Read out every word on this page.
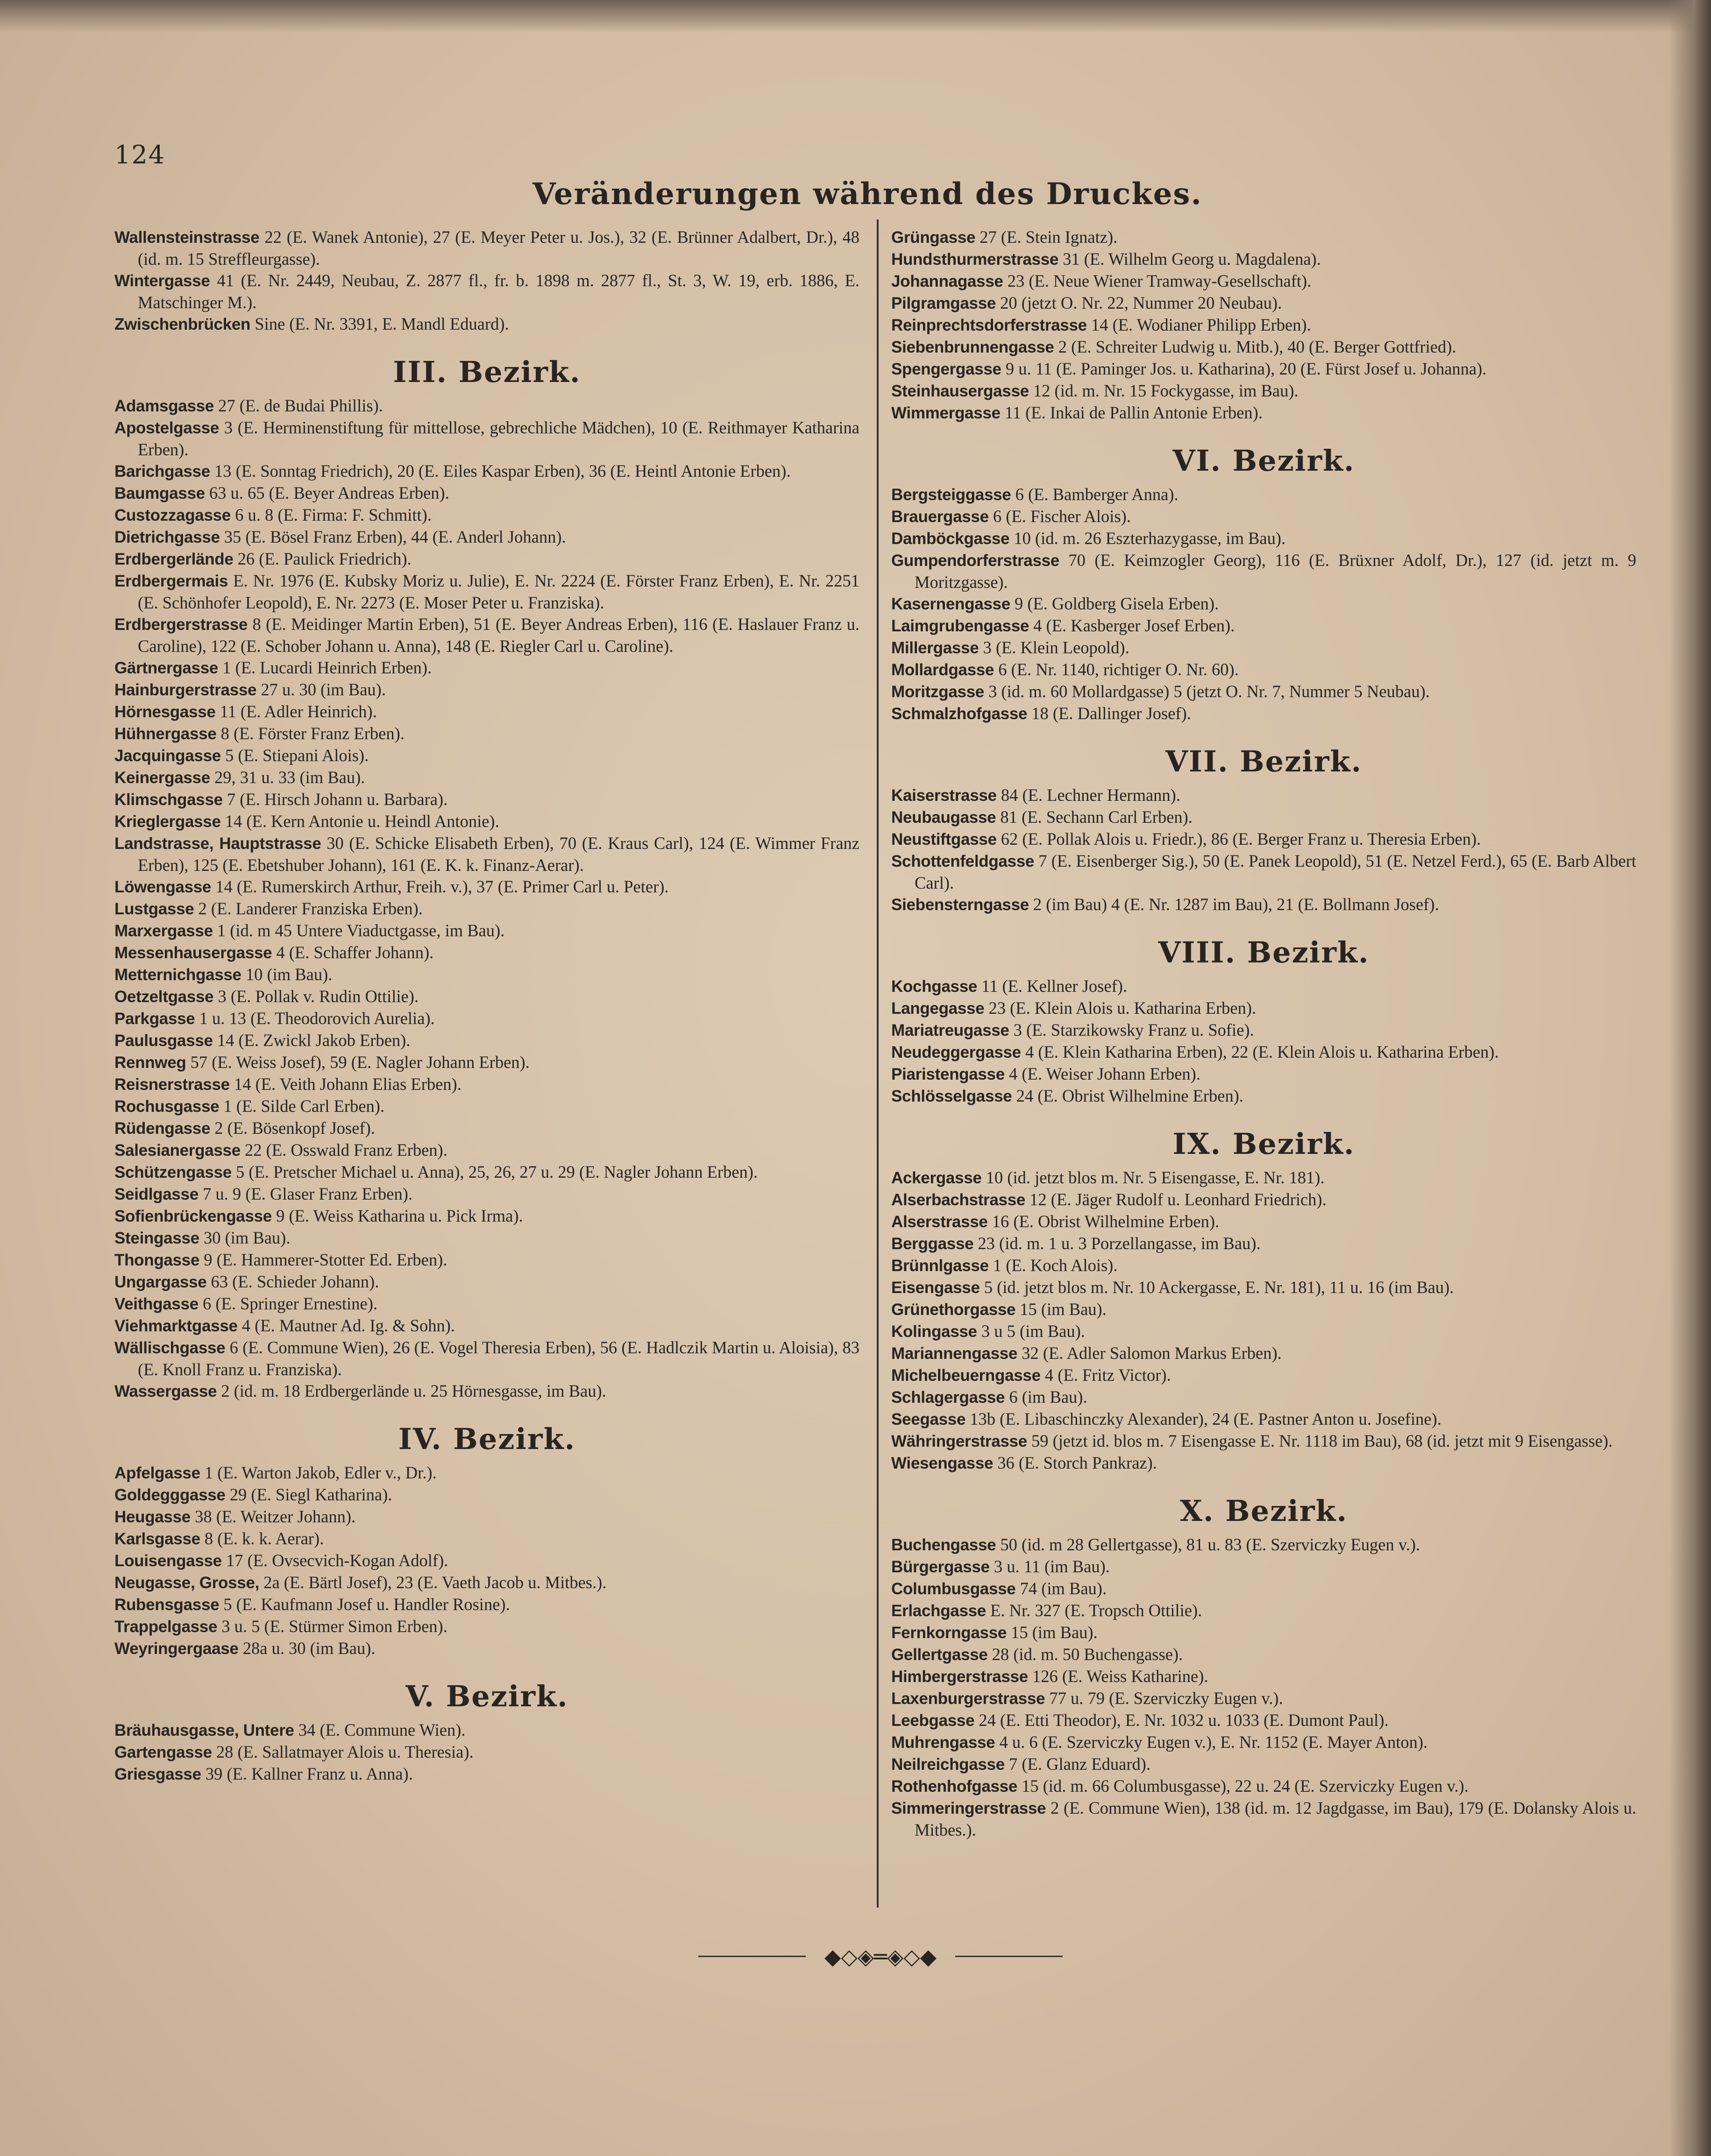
124
Veränderungen während des Druckes.
Wallensteinstrasse 22 (E. Wanek Antonie), 27 (E. Meyer Peter u. Jos.), 32 (E. Brünner Adalbert, Dr.), 48 (id. m. 15 Streffleurgasse).
Wintergasse 41 (E. Nr. 2449, Neubau, Z. 2877 fl., fr. b. 1898 m. 2877 fl., St. 3, W. 19, erb. 1886, E. Matschinger M.).
Zwischenbrücken Sine (E. Nr. 3391, E. Mandl Eduard).
III. Bezirk.
Adamsgasse 27 (E. de Budai Phillis).
Apostelgasse 3 (E. Herminenstiftung für mittellose, gebrechliche Mädchen), 10 (E. Reithmayer Katharina Erben).
Barichgasse 13 (E. Sonntag Friedrich), 20 (E. Eiles Kaspar Erben), 36 (E. Heintl Antonie Erben).
Baumgasse 63 u. 65 (E. Beyer Andreas Erben).
Custozzagasse 6 u. 8 (E. Firma: F. Schmitt).
Dietrichgasse 35 (E. Bösel Franz Erben), 44 (E. Anderl Johann).
Erdbergerlände 26 (E. Paulick Friedrich).
Erdbergermais E. Nr. 1976 (E. Kubsky Moriz u. Julie), E. Nr. 2224 (E. Förster Franz Erben), E. Nr. 2251 (E. Schönhofer Leopold), E. Nr. 2273 (E. Moser Peter u. Franziska).
Erdbergerstrasse 8 (E. Meidinger Martin Erben), 51 (E. Beyer Andreas Erben), 116 (E. Haslauer Franz u. Caroline), 122 (E. Schober Johann u. Anna), 148 (E. Riegler Carl u. Caroline).
Gärtnergasse 1 (E. Lucardi Heinrich Erben).
Hainburgerstrasse 27 u. 30 (im Bau).
Hörnesgasse 11 (E. Adler Heinrich).
Hühnergasse 8 (E. Förster Franz Erben).
Jacquingasse 5 (E. Stiepani Alois).
Keinergasse 29, 31 u. 33 (im Bau).
Klimschgasse 7 (E. Hirsch Johann u. Barbara).
Krieglergasse 14 (E. Kern Antonie u. Heindl Antonie).
Landstrasse, Hauptstrasse 30 (E. Schicke Elisabeth Erben), 70 (E. Kraus Carl), 124 (E. Wimmer Franz Erben), 125 (E. Ebetshuber Johann), 161 (E. K. k. Finanz-Aerar).
Löwengasse 14 (E. Rumerskirch Arthur, Freih. v.), 37 (E. Primer Carl u. Peter).
Lustgasse 2 (E. Landerer Franziska Erben).
Marxergasse 1 (id. m 45 Untere Viaductgasse, im Bau).
Messenhausergasse 4 (E. Schaffer Johann).
Metternichgasse 10 (im Bau).
Oetzeltgasse 3 (E. Pollak v. Rudin Ottilie).
Parkgasse 1 u. 13 (E. Theodorovich Aurelia).
Paulusgasse 14 (E. Zwickl Jakob Erben).
Rennweg 57 (E. Weiss Josef), 59 (E. Nagler Johann Erben).
Reisnerstrasse 14 (E. Veith Johann Elias Erben).
Rochusgasse 1 (E. Silde Carl Erben).
Rüdengasse 2 (E. Bösenkopf Josef).
Salesianergasse 22 (E. Osswald Franz Erben).
Schützengasse 5 (E. Pretscher Michael u. Anna), 25, 26, 27 u. 29 (E. Nagler Johann Erben).
Seidlgasse 7 u. 9 (E. Glaser Franz Erben).
Sofienbrückengasse 9 (E. Weiss Katharina u. Pick Irma).
Steingasse 30 (im Bau).
Thongasse 9 (E. Hammerer-Stotter Ed. Erben).
Ungargasse 63 (E. Schieder Johann).
Veithgasse 6 (E. Springer Ernestine).
Viehmarktgasse 4 (E. Mautner Ad. Ig. & Sohn).
Wällischgasse 6 (E. Commune Wien), 26 (E. Vogel Theresia Erben), 56 (E. Hadlczik Martin u. Aloisia), 83 (E. Knoll Franz u. Franziska).
Wassergasse 2 (id. m. 18 Erdbergerlände u. 25 Hörnesgasse, im Bau).
IV. Bezirk.
Apfelgasse 1 (E. Warton Jakob, Edler v., Dr.).
Goldegggasse 29 (E. Siegl Katharina).
Heugasse 38 (E. Weitzer Johann).
Karlsgasse 8 (E. k. k. Aerar).
Louisengasse 17 (E. Ovsecvich-Kogan Adolf).
Neugasse, Grosse, 2a (E. Bärtl Josef), 23 (E. Vaeth Jacob u. Mitbes.).
Rubensgasse 5 (E. Kaufmann Josef u. Handler Rosine).
Trappelgasse 3 u. 5 (E. Stürmer Simon Erben).
Weyringergaase 28a u. 30 (im Bau).
V. Bezirk.
Bräuhausgasse, Untere 34 (E. Commune Wien).
Gartengasse 28 (E. Sallatmayer Alois u. Theresia).
Griesgasse 39 (E. Kallner Franz u. Anna).
Grüngasse 27 (E. Stein Ignatz).
Hundsthurmerstrasse 31 (E. Wilhelm Georg u. Magdalena).
Johannagasse 23 (E. Neue Wiener Tramway-Gesellschaft).
Pilgramgasse 20 (jetzt O. Nr. 22, Nummer 20 Neubau).
Reinprechtsdorferstrasse 14 (E. Wodianer Philipp Erben).
Siebenbrunnengasse 2 (E. Schreiter Ludwig u. Mitb.), 40 (E. Berger Gottfried).
Spengergasse 9 u. 11 (E. Paminger Jos. u. Katharina), 20 (E. Fürst Josef u. Johanna).
Steinhausergasse 12 (id. m. Nr. 15 Fockygasse, im Bau).
Wimmergasse 11 (E. Inkai de Pallin Antonie Erben).
VI. Bezirk.
Bergsteiggasse 6 (E. Bamberger Anna).
Brauergasse 6 (E. Fischer Alois).
Damböckgasse 10 (id. m. 26 Eszterhazygasse, im Bau).
Gumpendorferstrasse 70 (E. Keimzogler Georg), 116 (E. Brüxner Adolf, Dr.), 127 (id. jetzt m. 9 Moritzgasse).
Kasernengasse 9 (E. Goldberg Gisela Erben).
Laimgrubengasse 4 (E. Kasberger Josef Erben).
Millergasse 3 (E. Klein Leopold).
Mollardgasse 6 (E. Nr. 1140, richtiger O. Nr. 60).
Moritzgasse 3 (id. m. 60 Mollardgasse) 5 (jetzt O. Nr. 7, Nummer 5 Neubau).
Schmalzhofgasse 18 (E. Dallinger Josef).
VII. Bezirk.
Kaiserstrasse 84 (E. Lechner Hermann).
Neubaugasse 81 (E. Sechann Carl Erben).
Neustiftgasse 62 (E. Pollak Alois u. Friedr.), 86 (E. Berger Franz u. Theresia Erben).
Schottenfeldgasse 7 (E. Eisenberger Sig.), 50 (E. Panek Leopold), 51 (E. Netzel Ferd.), 65 (E. Barb Albert Carl).
Siebensterngasse 2 (im Bau) 4 (E. Nr. 1287 im Bau), 21 (E. Bollmann Josef).
VIII. Bezirk.
Kochgasse 11 (E. Kellner Josef).
Langegasse 23 (E. Klein Alois u. Katharina Erben).
Mariatreugasse 3 (E. Starzikowsky Franz u. Sofie).
Neudeggergasse 4 (E. Klein Katharina Erben), 22 (E. Klein Alois u. Katharina Erben).
Piaristengasse 4 (E. Weiser Johann Erben).
Schlösselgasse 24 (E. Obrist Wilhelmine Erben).
IX. Bezirk.
Ackergasse 10 (id. jetzt blos m. Nr. 5 Eisengasse, E. Nr. 181).
Alserbachstrasse 12 (E. Jäger Rudolf u. Leonhard Friedrich).
Alserstrasse 16 (E. Obrist Wilhelmine Erben).
Berggasse 23 (id. m. 1 u. 3 Porzellangasse, im Bau).
Brünnlgasse 1 (E. Koch Alois).
Eisengasse 5 (id. jetzt blos m. Nr. 10 Ackergasse, E. Nr. 181), 11 u. 16 (im Bau).
Grünethorgasse 15 (im Bau).
Kolingasse 3 u 5 (im Bau).
Mariannengasse 32 (E. Adler Salomon Markus Erben).
Michelbeuerngasse 4 (E. Fritz Victor).
Schlagergasse 6 (im Bau).
Seegasse 13b (E. Libaschinczky Alexander), 24 (E. Pastner Anton u. Josefine).
Währingerstrasse 59 (jetzt id. blos m. 7 Eisengasse E. Nr. 1118 im Bau), 68 (id. jetzt mit 9 Eisengasse).
Wiesengasse 36 (E. Storch Pankraz).
X. Bezirk.
Buchengasse 50 (id. m 28 Gellertgasse), 81 u. 83 (E. Szerviczky Eugen v.).
Bürgergasse 3 u. 11 (im Bau).
Columbusgasse 74 (im Bau).
Erlachgasse E. Nr. 327 (E. Tropsch Ottilie).
Fernkorngasse 15 (im Bau).
Gellertgasse 28 (id. m. 50 Buchengasse).
Himbergerstrasse 126 (E. Weiss Katharine).
Laxenburgerstrasse 77 u. 79 (E. Szerviczky Eugen v.).
Leebgasse 24 (E. Etti Theodor), E. Nr. 1032 u. 1033 (E. Dumont Paul).
Muhrengasse 4 u. 6 (E. Szerviczky Eugen v.), E. Nr. 1152 (E. Mayer Anton).
Neilreichgasse 7 (E. Glanz Eduard).
Rothenhofgasse 15 (id. m. 66 Columbusgasse), 22 u. 24 (E. Szerviczky Eugen v.).
Simmeringerstrasse 2 (E. Commune Wien), 138 (id. m. 12 Jagdgasse, im Bau), 179 (E. Dolansky Alois u. Mitbes.).
◆◇◈═◈◇◆
